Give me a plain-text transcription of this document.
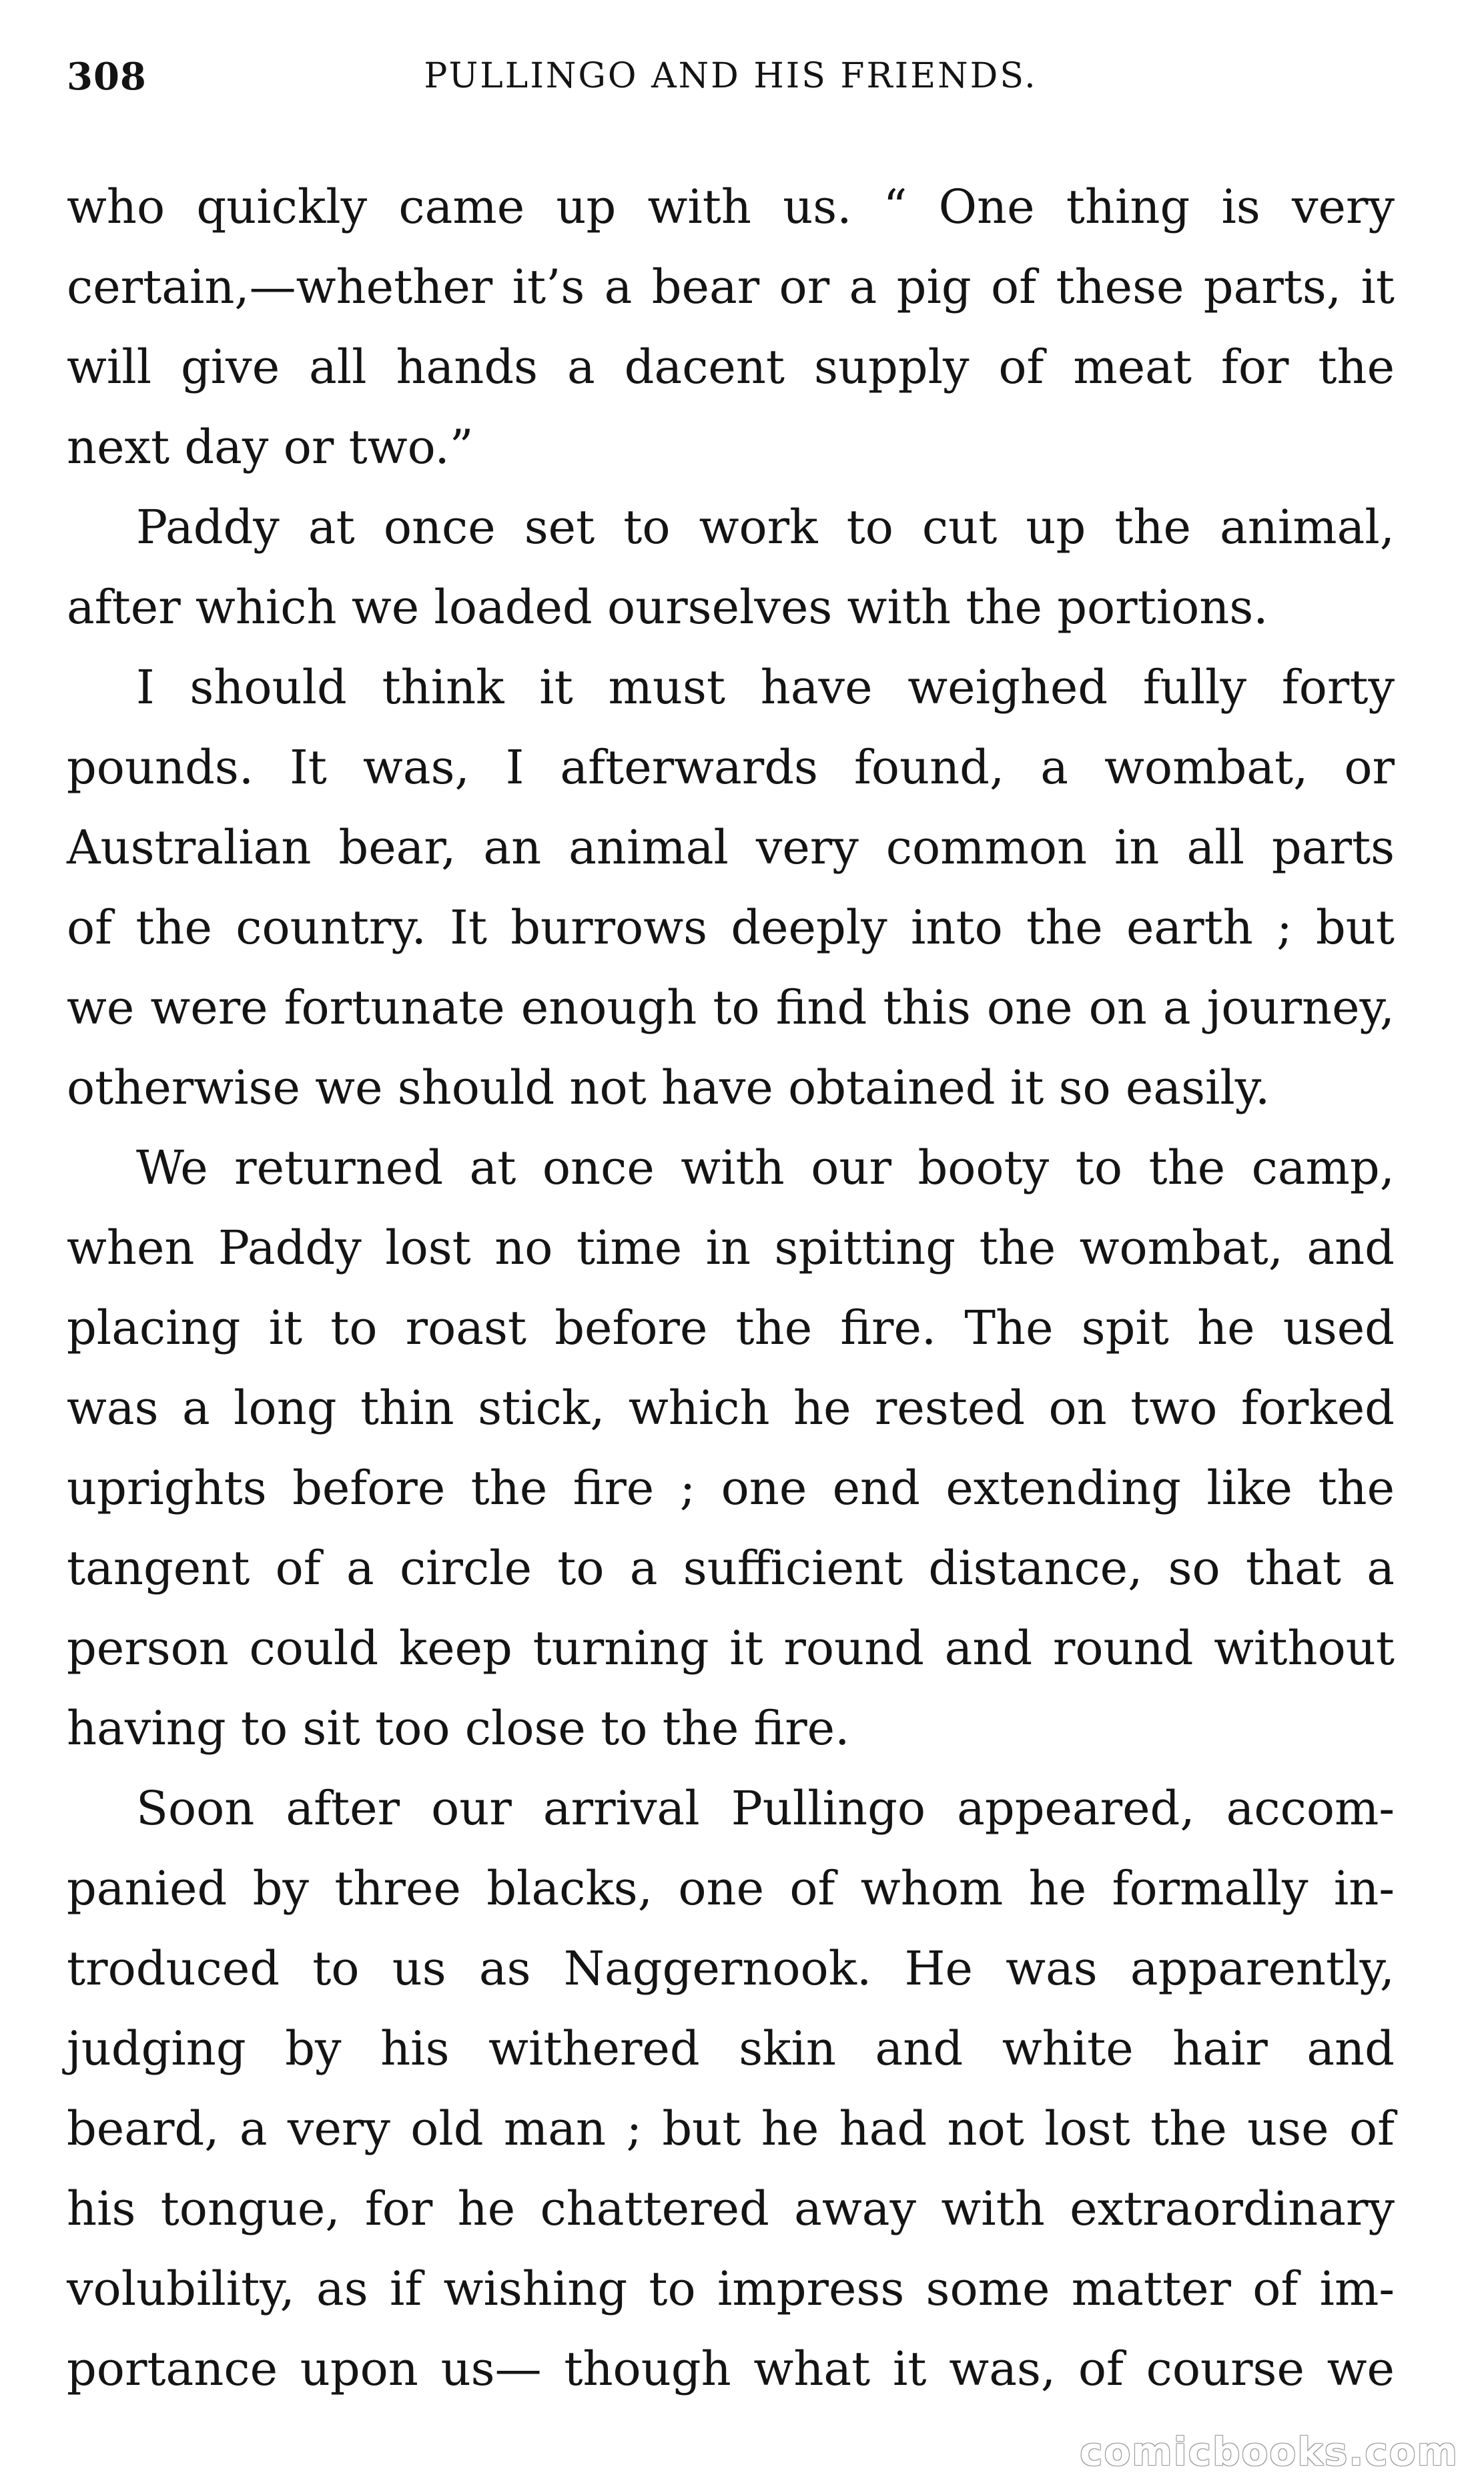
308	PULLINGO AND HIS FRIENDS.
who quickly came up with us. “ One thing is very
certain,—whether it’s a bear or a pig of these parts, it
will give all hands a dacent supply of meat for the
next day or two.”
Paddy at once set to work to cut up the animal,
after which we loaded ourselves with the portions.
I should think it must have weighed fully forty
pounds. It was, I afterwards found, a wombat, or
Australian bear, an animal very common in all parts
of the country. It burrows deeply into the earth ; but
we were fortunate enough to find this one on a journey,
otherwise we should not have obtained it so easily.
We returned at once with our booty to the camp,
when Paddy lost no time in spitting the wombat, and
placing it to roast before the fire. The spit he used
was a long thin stick, which he rested on two forked
uprights before the fire ; one end extending like the
tangent of a circle to a sufficient distance, so that a
person could keep turning it round and round without
having to sit too close to the fire.
Soon after our arrival Pullingo appeared, accom-
panied by three blacks, one of whom he formally in-
troduced to us as Naggernook. He was apparently,
judging by his withered skin and white hair and
beard, a very old man ; but he had not lost the use of
his tongue, for he chattered away with extraordinary
volubility, as if wishing to impress some matter of im-
portance upon us— though what it was, of course we
comicbooks.com
